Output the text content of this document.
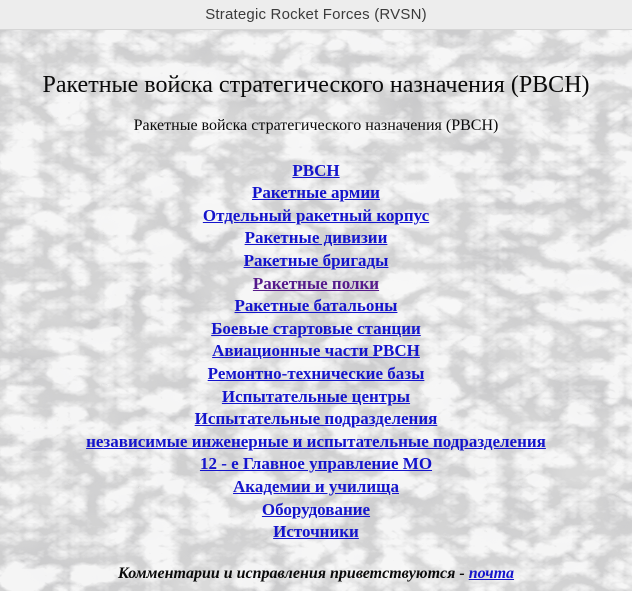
Strategic Rocket Forces (RVSN)
Ракетные войска стратегического назначения (РВСН)

Ракетные войска стратегического назначения (РВСН)

РВСН
Ракетные армии
Отдельный ракетный корпус
Ракетные дивизии
Ракетные бригады
Ракетные полки
Ракетные батальоны
Боевые стартовые станции
Авиационные части РВСН
Ремонтно-технические базы
Испытательные центры
Испытательные подразделения
независимые инженерные и испытательные подразделения
12 - е Главное управление МО
Академии и училища
Оборудование
Источники

Комментарии и исправления приветствуются - почта
